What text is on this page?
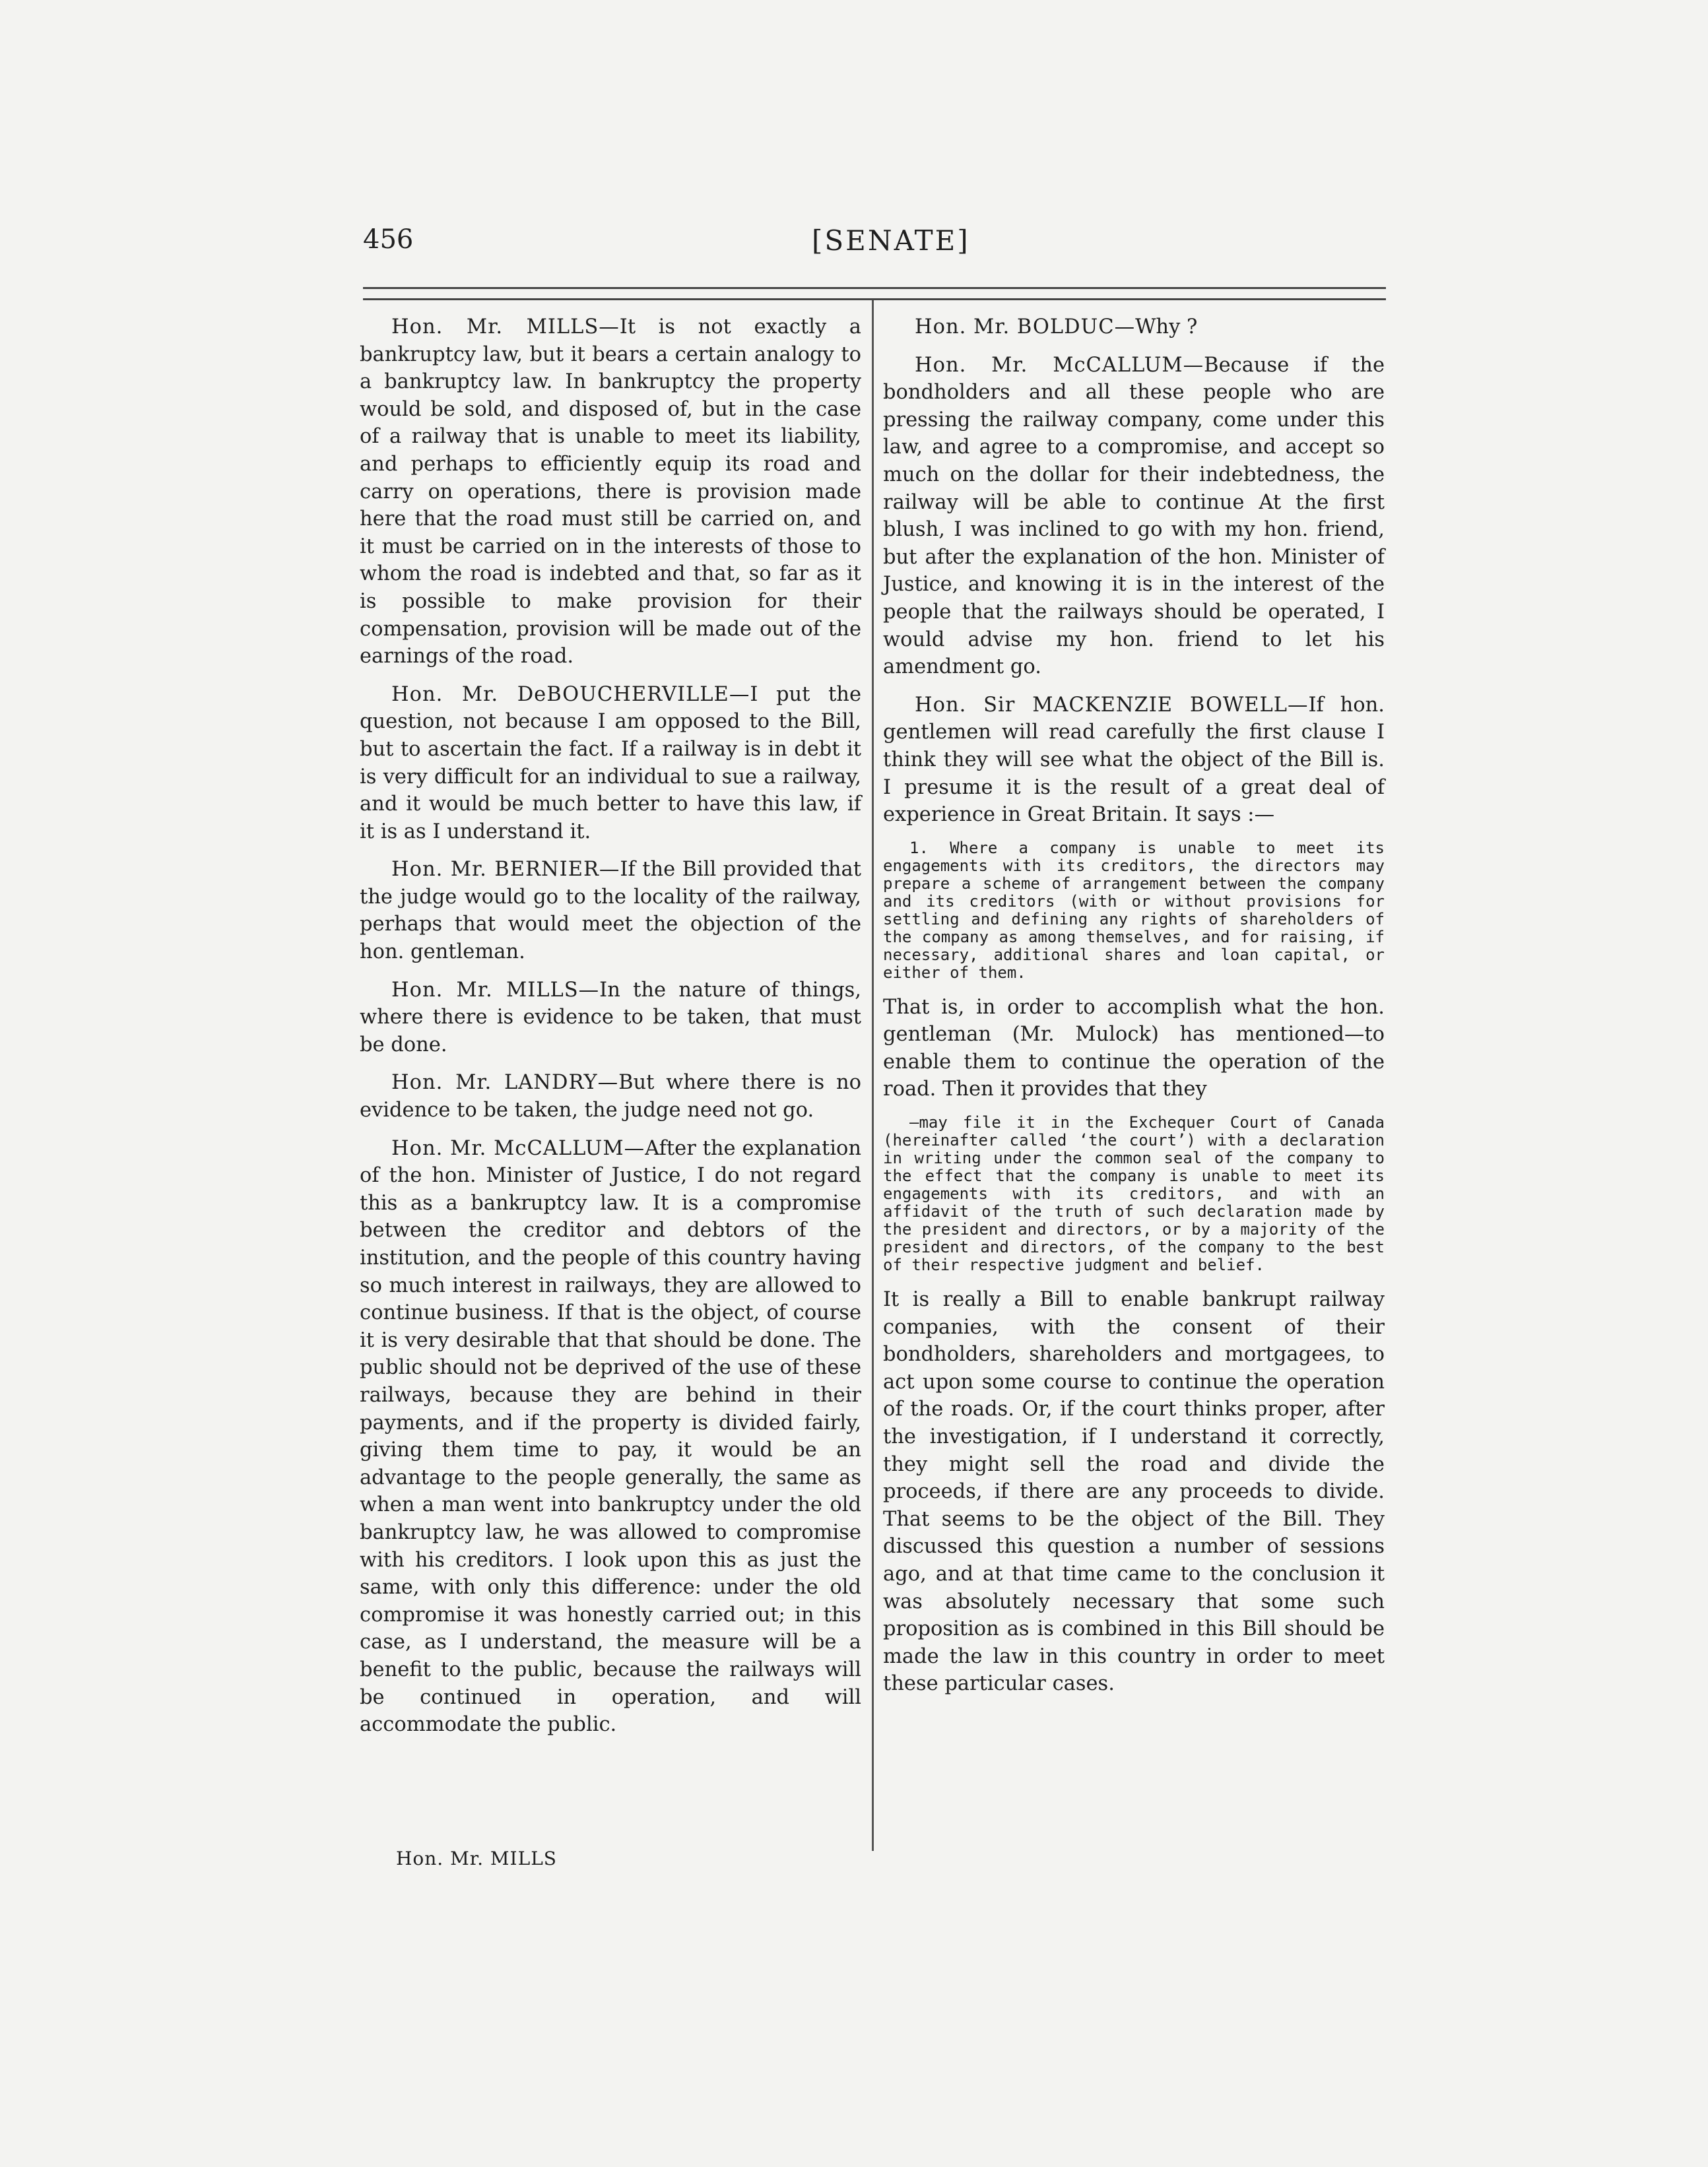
456	[SENATE]

Hon. Mr. MILLS—It is not exactly a bankruptcy law, but it bears a certain analogy to a bankruptcy law. In bankruptcy the property would be sold, and disposed of, but in the case of a railway that is unable to meet its liability, and perhaps to efficiently equip its road and carry on operations, there is provision made here that the road must still be carried on, and it must be carried on in the interests of those to whom the road is indebted and that, so far as it is possible to make provision for their compensation, provision will be made out of the earnings of the road.

Hon. Mr. DeBOUCHERVILLE—I put the question, not because I am opposed to the Bill, but to ascertain the fact. If a railway is in debt it is very difficult for an individual to sue a railway, and it would be much better to have this law, if it is as I understand it.

Hon. Mr. BERNIER—If the Bill provided that the judge would go to the locality of the railway, perhaps that would meet the objection of the hon. gentleman.

Hon. Mr. MILLS—In the nature of things, where there is evidence to be taken, that must be done.

Hon. Mr. LANDRY—But where there is no evidence to be taken, the judge need not go.

Hon. Mr. McCALLUM—After the explanation of the hon. Minister of Justice, I do not regard this as a bankruptcy law. It is a compromise between the creditor and debtors of the institution, and the people of this country having so much interest in railways, they are allowed to continue business. If that is the object, of course it is very desirable that that should be done. The public should not be deprived of the use of these railways, because they are behind in their payments, and if the property is divided fairly, giving them time to pay, it would be an advantage to the people generally, the same as when a man went into bankruptcy under the old bankruptcy law, he was allowed to compromise with his creditors. I look upon this as just the same, with only this difference: under the old compromise it was honestly carried out; in this case, as I understand, the measure will be a benefit to the public, because the railways will be continued in operation, and will accommodate the public.

Hon. Mr. BOLDUC—Why ?

Hon. Mr. McCALLUM—Because if the bondholders and all these people who are pressing the railway company, come under this law, and agree to a compromise, and accept so much on the dollar for their indebtedness, the railway will be able to continue At the first blush, I was inclined to go with my hon. friend, but after the explanation of the hon. Minister of Justice, and knowing it is in the interest of the people that the railways should be operated, I would advise my hon. friend to let his amendment go.

Hon. Sir MACKENZIE BOWELL—If hon. gentlemen will read carefully the first clause I think they will see what the object of the Bill is. I presume it is the result of a great deal of experience in Great Britain. It says :—

1. Where a company is unable to meet its engagements with its creditors, the directors may prepare a scheme of arrangement between the company and its creditors (with or without provisions for settling and defining any rights of shareholders of the company as among themselves, and for raising, if necessary, additional shares and loan capital, or either of them.

That is, in order to accomplish what the hon. gentleman (Mr. Mulock) has mentioned—to enable them to continue the operation of the road. Then it provides that they

—may file it in the Exchequer Court of Canada (hereinafter called ‘the court’) with a declaration in writing under the common seal of the company to the effect that the company is unable to meet its engagements with its creditors, and with an affidavit of the truth of such declaration made by the president and directors, or by a majority of the president and directors, of the company to the best of their respective judgment and belief.

It is really a Bill to enable bankrupt railway companies, with the consent of their bondholders, shareholders and mortgagees, to act upon some course to continue the operation of the roads. Or, if the court thinks proper, after the investigation, if I understand it correctly, they might sell the road and divide the proceeds, if there are any proceeds to divide. That seems to be the object of the Bill. They discussed this question a number of sessions ago, and at that time came to the conclusion it was absolutely necessary that some such proposition as is combined in this Bill should be made the law in this country in order to meet these particular cases.

Hon. Mr. MILLS
